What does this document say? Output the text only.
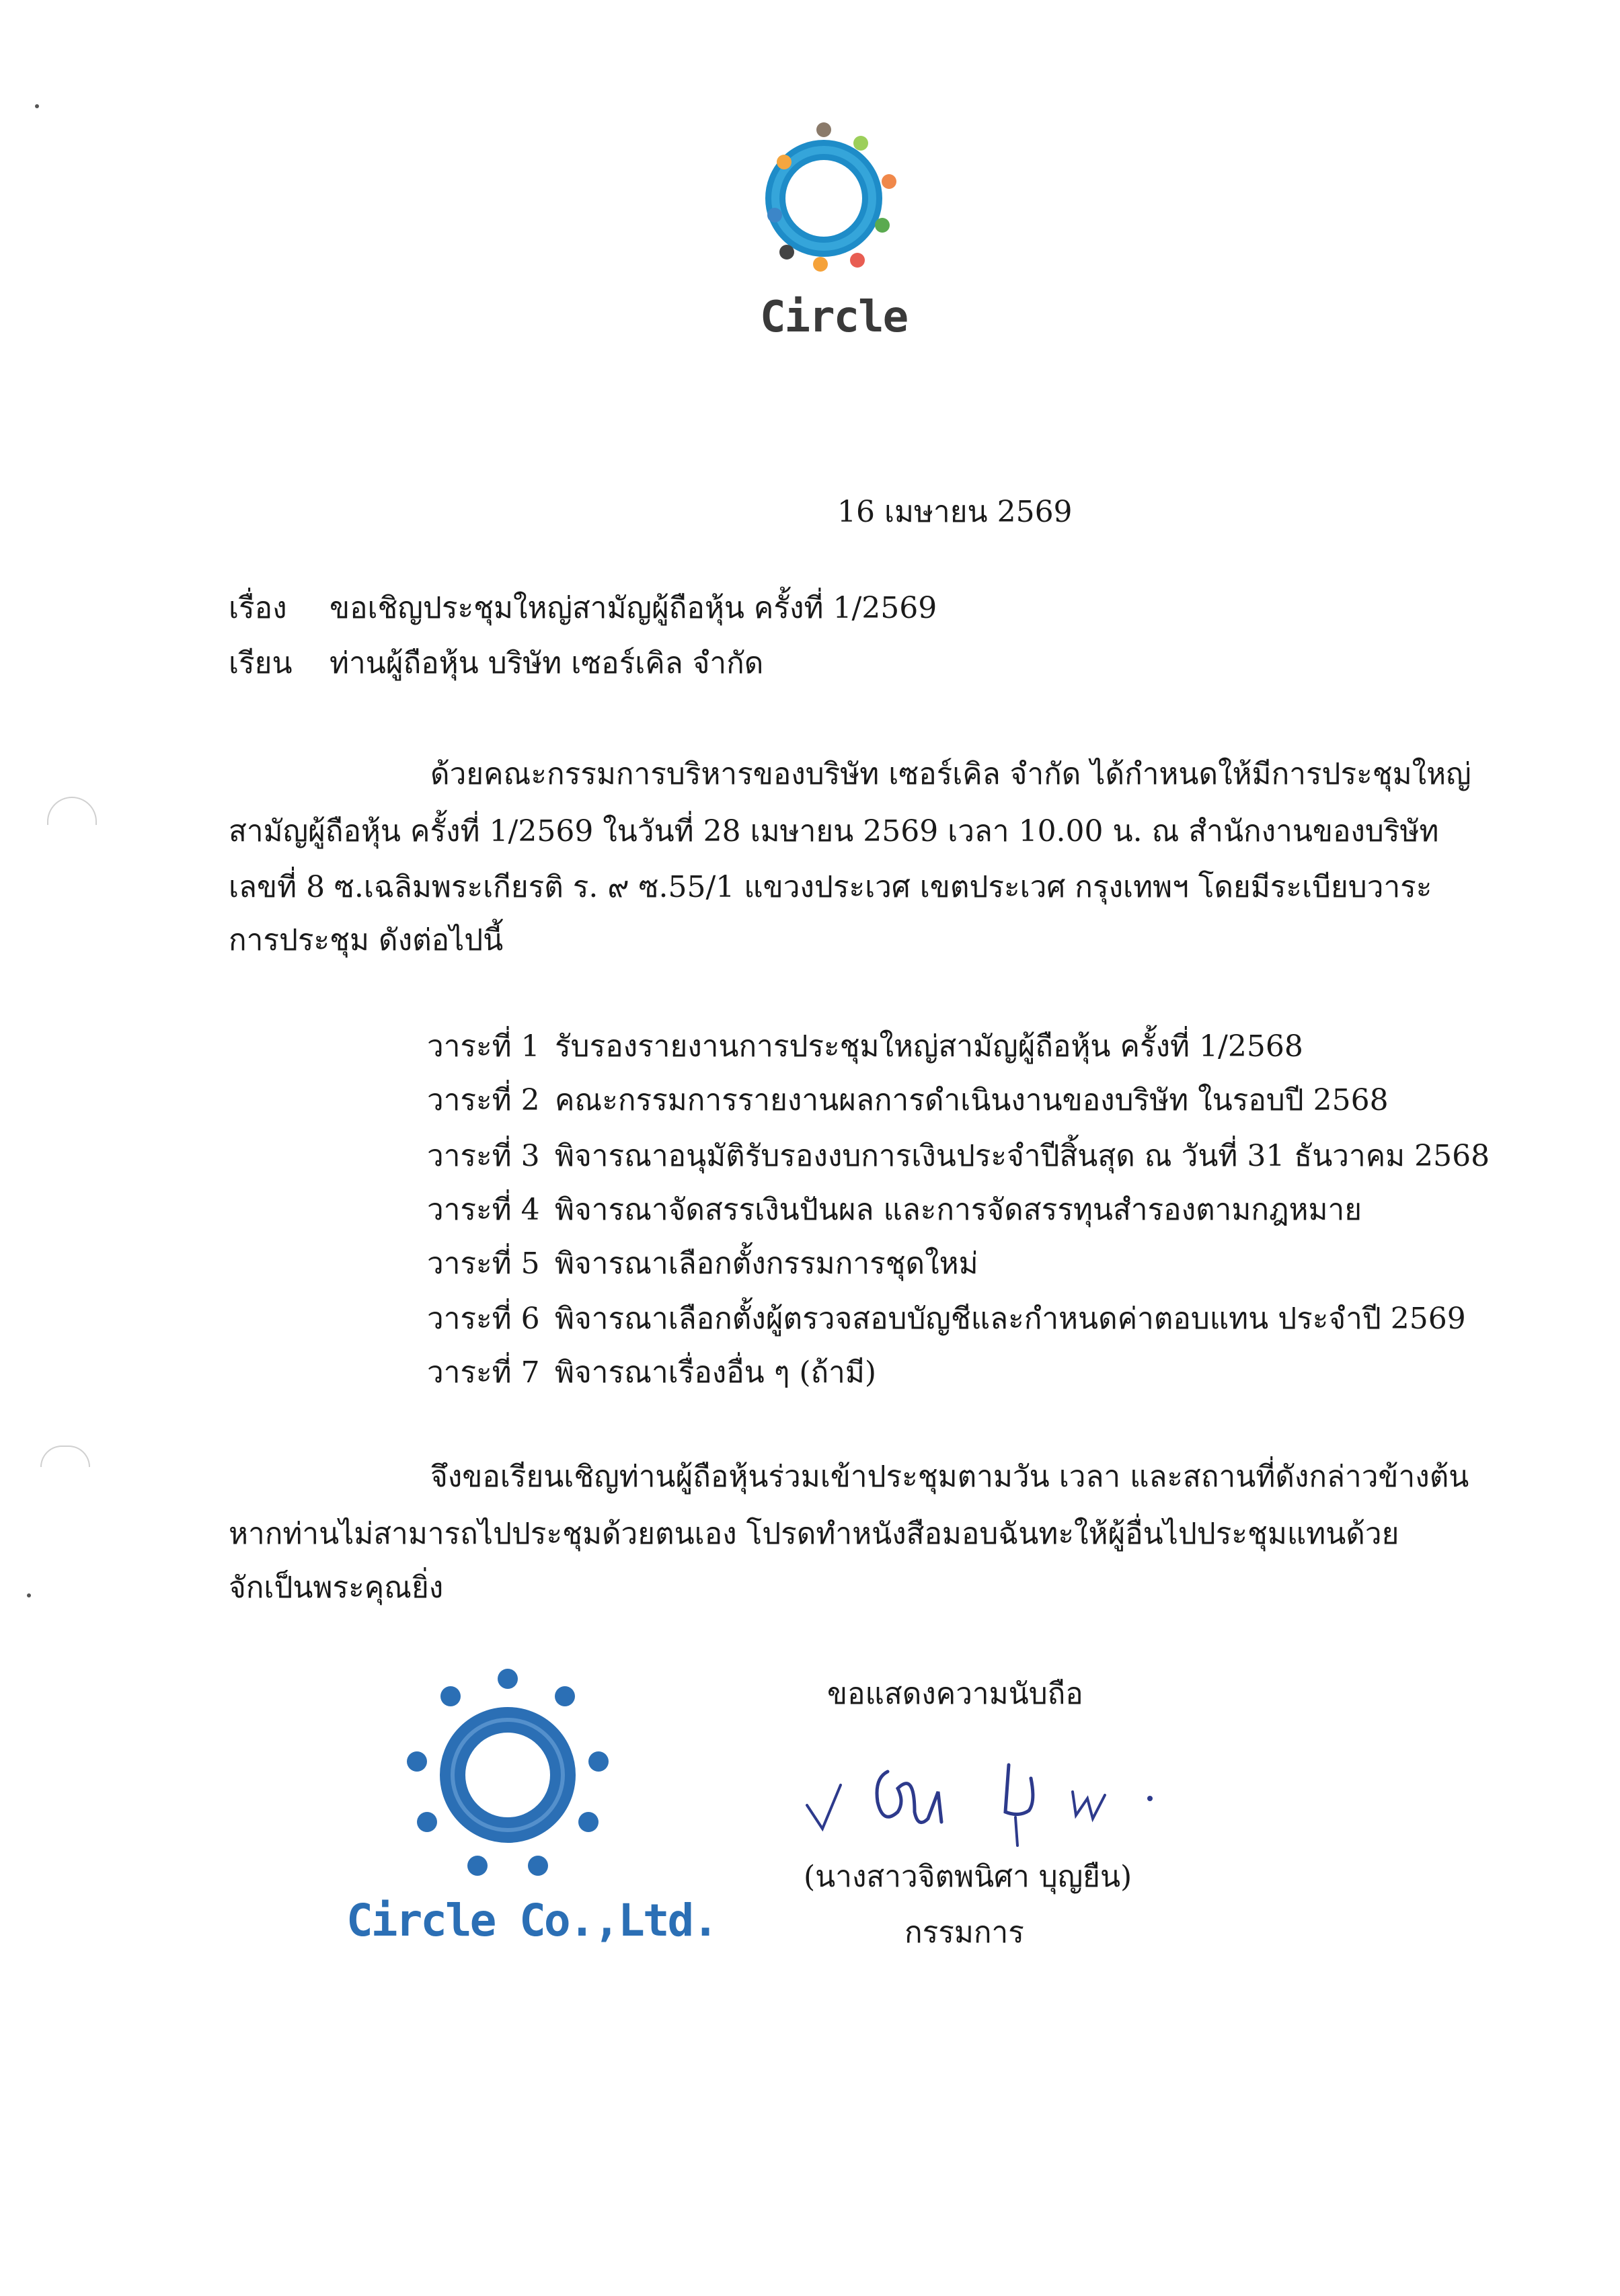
Circle
16 เมษายน 2569
เรื่อง ขอเชิญประชุมใหญ่สามัญผู้ถือหุ้น ครั้งที่ 1/2569
เรียน ท่านผู้ถือหุ้น บริษัท เซอร์เคิล จำกัด
ด้วยคณะกรรมการบริหารของบริษัท เซอร์เคิล จำกัด ได้กำหนดให้มีการประชุมใหญ่
สามัญผู้ถือหุ้น ครั้งที่ 1/2569 ในวันที่ 28 เมษายน 2569 เวลา 10.00 น. ณ สำนักงานของบริษัท
เลขที่ 8 ซ.เฉลิมพระเกียรติ ร. ๙ ซ.55/1 แขวงประเวศ เขตประเวศ กรุงเทพฯ โดยมีระเบียบวาระ
การประชุม ดังต่อไปนี้
วาระที่ 1 รับรองรายงานการประชุมใหญ่สามัญผู้ถือหุ้น ครั้งที่ 1/2568
วาระที่ 2 คณะกรรมการรายงานผลการดำเนินงานของบริษัท ในรอบปี 2568
วาระที่ 3 พิจารณาอนุมัติรับรองงบการเงินประจำปีสิ้นสุด ณ วันที่ 31 ธันวาคม 2568
วาระที่ 4 พิจารณาจัดสรรเงินปันผล และการจัดสรรทุนสำรองตามกฎหมาย
วาระที่ 5 พิจารณาเลือกตั้งกรรมการชุดใหม่
วาระที่ 6 พิจารณาเลือกตั้งผู้ตรวจสอบบัญชีและกำหนดค่าตอบแทน ประจำปี 2569
วาระที่ 7 พิจารณาเรื่องอื่น ๆ (ถ้ามี)
จึงขอเรียนเชิญท่านผู้ถือหุ้นร่วมเข้าประชุมตามวัน เวลา และสถานที่ดังกล่าวข้างต้น
หากท่านไม่สามารถไปประชุมด้วยตนเอง โปรดทำหนังสือมอบฉันทะให้ผู้อื่นไปประชุมแทนด้วย
จักเป็นพระคุณยิ่ง
Circle Co.,Ltd.
ขอแสดงความนับถือ
(นางสาวจิตพนิศา บุญยืน)
กรรมการ
